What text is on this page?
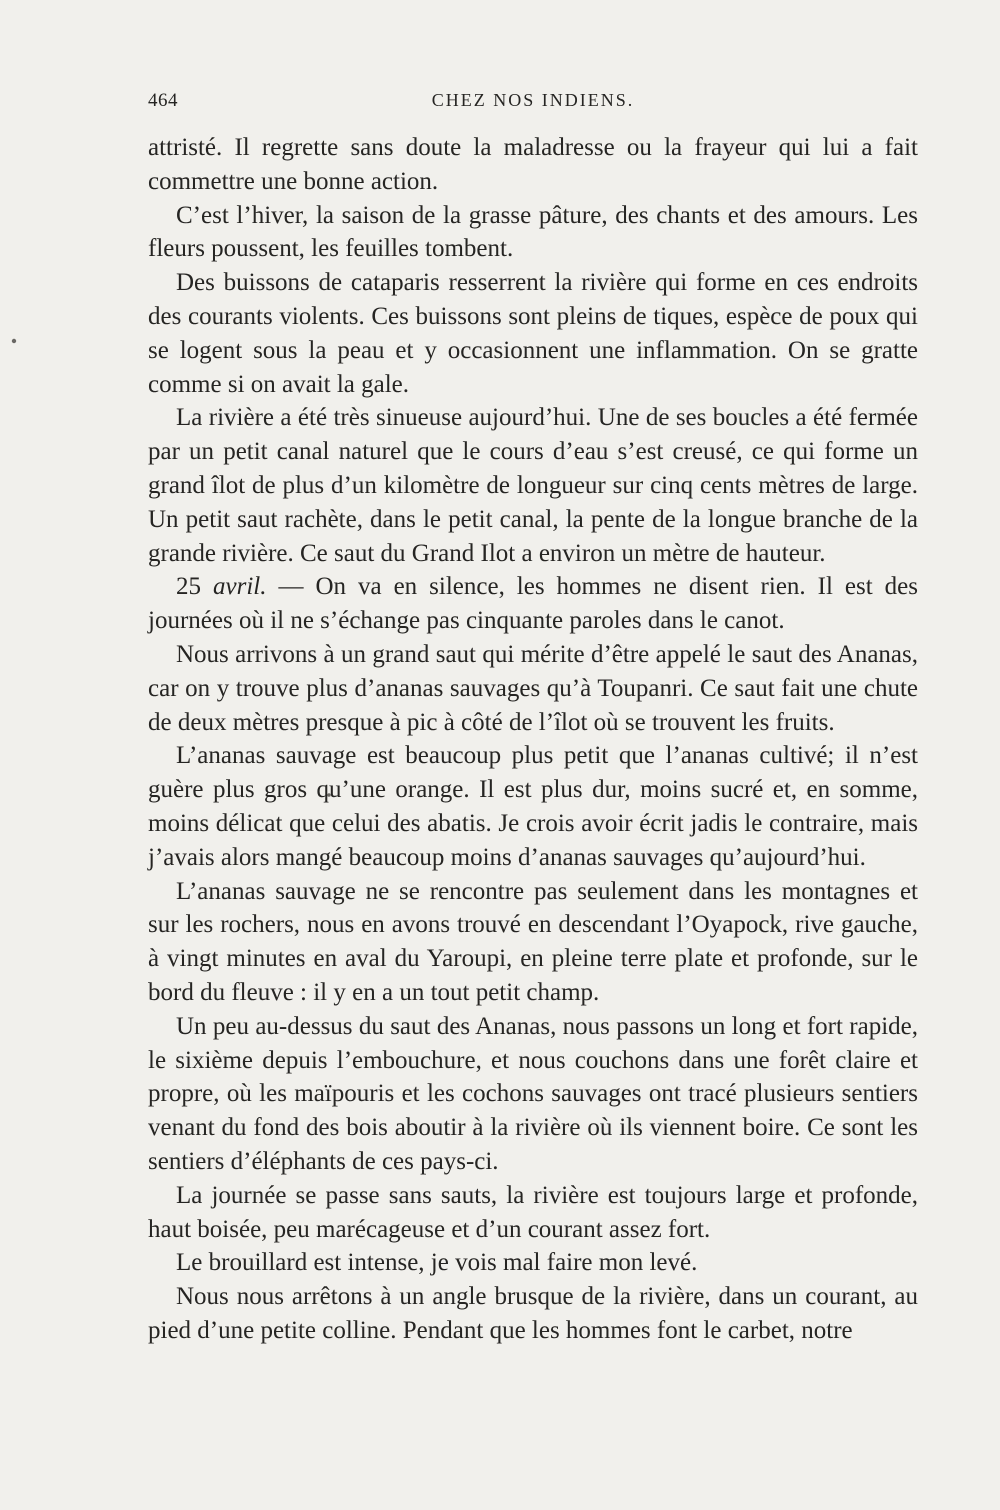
464	CHEZ NOS INDIENS.

attristé. Il regrette sans doute la maladresse ou la frayeur qui lui a fait commettre une bonne action.

C’est l’hiver, la saison de la grasse pâture, des chants et des amours. Les fleurs poussent, les feuilles tombent.

Des buissons de cataparis resserrent la rivière qui forme en ces endroits des courants violents. Ces buissons sont pleins de tiques, espèce de poux qui se logent sous la peau et y occasionnent une inflammation. On se gratte comme si on avait la gale.

La rivière a été très sinueuse aujourd’hui. Une de ses boucles a été fermée par un petit canal naturel que le cours d’eau s’est creusé, ce qui forme un grand îlot de plus d’un kilomètre de longueur sur cinq cents mètres de large. Un petit saut rachète, dans le petit canal, la pente de la longue branche de la grande rivière. Ce saut du Grand Ilot a environ un mètre de hauteur.

25 avril. — On va en silence, les hommes ne disent rien. Il est des journées où il ne s’échange pas cinquante paroles dans le canot.

Nous arrivons à un grand saut qui mérite d’être appelé le saut des Ananas, car on y trouve plus d’ananas sauvages qu’à Toupanri. Ce saut fait une chute de deux mètres presque à pic à côté de l’îlot où se trouvent les fruits.

L’ananas sauvage est beaucoup plus petit que l’ananas cultivé; il n’est guère plus gros qu’une orange. Il est plus dur, moins sucré et, en somme, moins délicat que celui des abatis. Je crois avoir écrit jadis le contraire, mais j’avais alors mangé beaucoup moins d’ananas sauvages qu’aujourd’hui.

L’ananas sauvage ne se rencontre pas seulement dans les montagnes et sur les rochers, nous en avons trouvé en descendant l’Oyapock, rive gauche, à vingt minutes en aval du Yaroupi, en pleine terre plate et profonde, sur le bord du fleuve : il y en a un tout petit champ.

Un peu au-dessus du saut des Ananas, nous passons un long et fort rapide, le sixième depuis l’embouchure, et nous couchons dans une forêt claire et propre, où les maïpouris et les cochons sauvages ont tracé plusieurs sentiers venant du fond des bois aboutir à la rivière où ils viennent boire. Ce sont les sentiers d’éléphants de ces pays-ci.

La journée se passe sans sauts, la rivière est toujours large et profonde, haut boisée, peu marécageuse et d’un courant assez fort.

Le brouillard est intense, je vois mal faire mon levé.

Nous nous arrêtons à un angle brusque de la rivière, dans un courant, au pied d’une petite colline. Pendant que les hommes font le carbet, notre
